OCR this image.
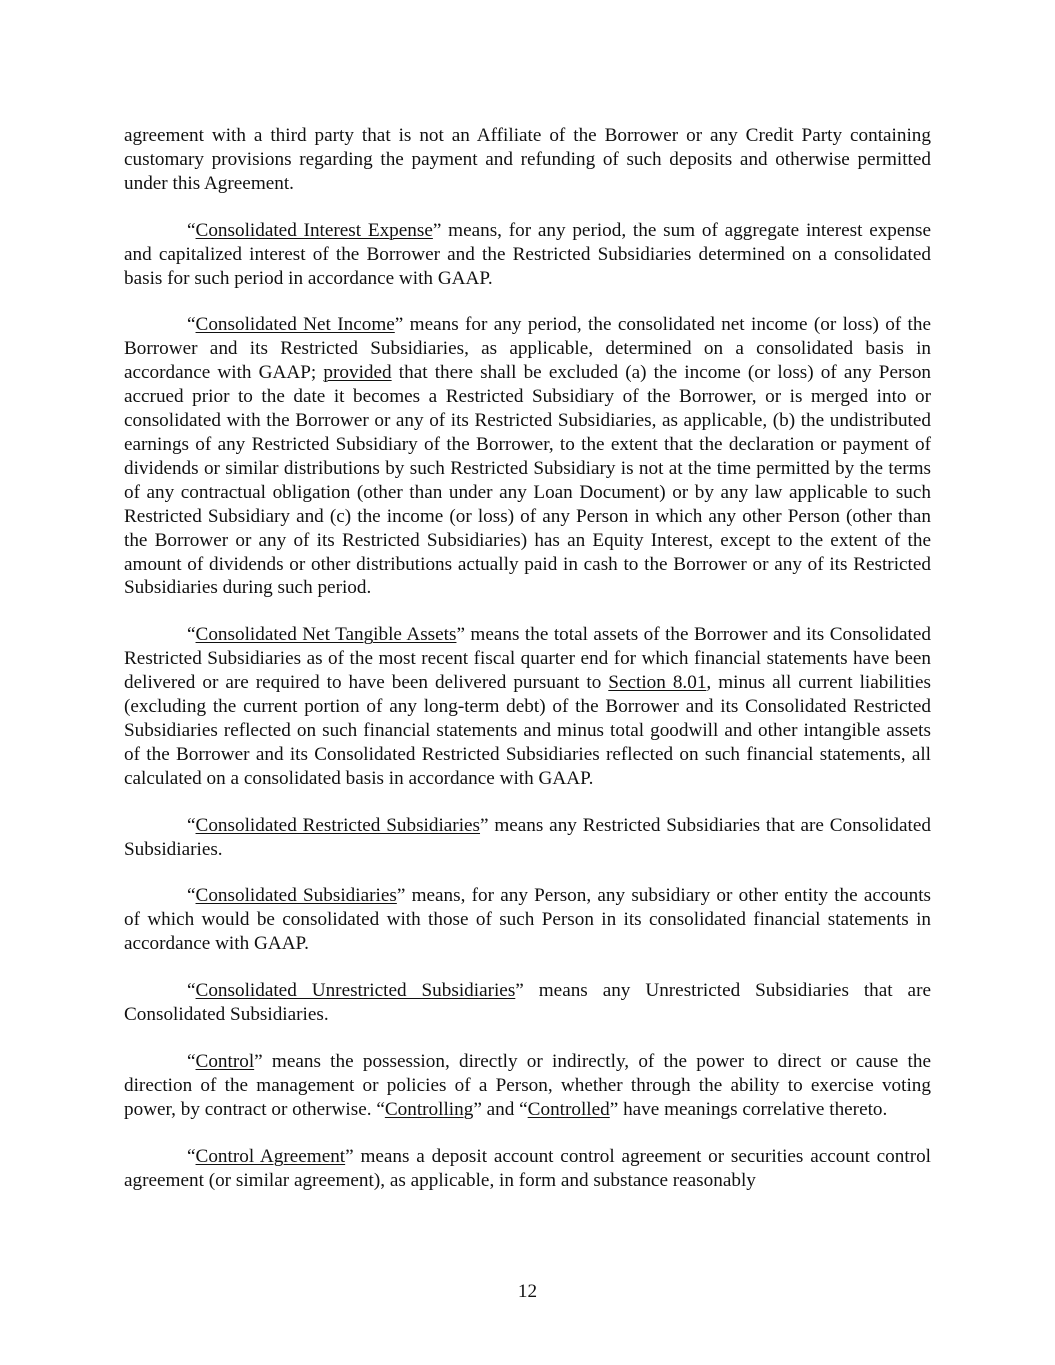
agreement with a third party that is not an Affiliate of the Borrower or any Credit Party containing customary provisions regarding the payment and refunding of such deposits and otherwise permitted under this Agreement.

“Consolidated Interest Expense” means, for any period, the sum of aggregate interest expense and capitalized interest of the Borrower and the Restricted Subsidiaries determined on a consolidated basis for such period in accordance with GAAP.

“Consolidated Net Income” means for any period, the consolidated net income (or loss) of the Borrower and its Restricted Subsidiaries, as applicable, determined on a consolidated basis in accordance with GAAP; provided that there shall be excluded (a) the income (or loss) of any Person accrued prior to the date it becomes a Restricted Subsidiary of the Borrower, or is merged into or consolidated with the Borrower or any of its Restricted Subsidiaries, as applicable, (b) the undistributed earnings of any Restricted Subsidiary of the Borrower, to the extent that the declaration or payment of dividends or similar distributions by such Restricted Subsidiary is not at the time permitted by the terms of any contractual obligation (other than under any Loan Document) or by any law applicable to such Restricted Subsidiary and (c) the income (or loss) of any Person in which any other Person (other than the Borrower or any of its Restricted Subsidiaries) has an Equity Interest, except to the extent of the amount of dividends or other distributions actually paid in cash to the Borrower or any of its Restricted Subsidiaries during such period.

“Consolidated Net Tangible Assets” means the total assets of the Borrower and its Consolidated Restricted Subsidiaries as of the most recent fiscal quarter end for which financial statements have been delivered or are required to have been delivered pursuant to Section 8.01, minus all current liabilities (excluding the current portion of any long-term debt) of the Borrower and its Consolidated Restricted Subsidiaries reflected on such financial statements and minus total goodwill and other intangible assets of the Borrower and its Consolidated Restricted Subsidiaries reflected on such financial statements, all calculated on a consolidated basis in accordance with GAAP.

“Consolidated Restricted Subsidiaries” means any Restricted Subsidiaries that are Consolidated Subsidiaries.

“Consolidated Subsidiaries” means, for any Person, any subsidiary or other entity the accounts of which would be consolidated with those of such Person in its consolidated financial statements in accordance with GAAP.

“Consolidated Unrestricted Subsidiaries” means any Unrestricted Subsidiaries that are Consolidated Subsidiaries.

“Control” means the possession, directly or indirectly, of the power to direct or cause the direction of the management or policies of a Person, whether through the ability to exercise voting power, by contract or otherwise. “Controlling” and “Controlled” have meanings correlative thereto.

“Control Agreement” means a deposit account control agreement or securities account control agreement (or similar agreement), as applicable, in form and substance reasonably

12
